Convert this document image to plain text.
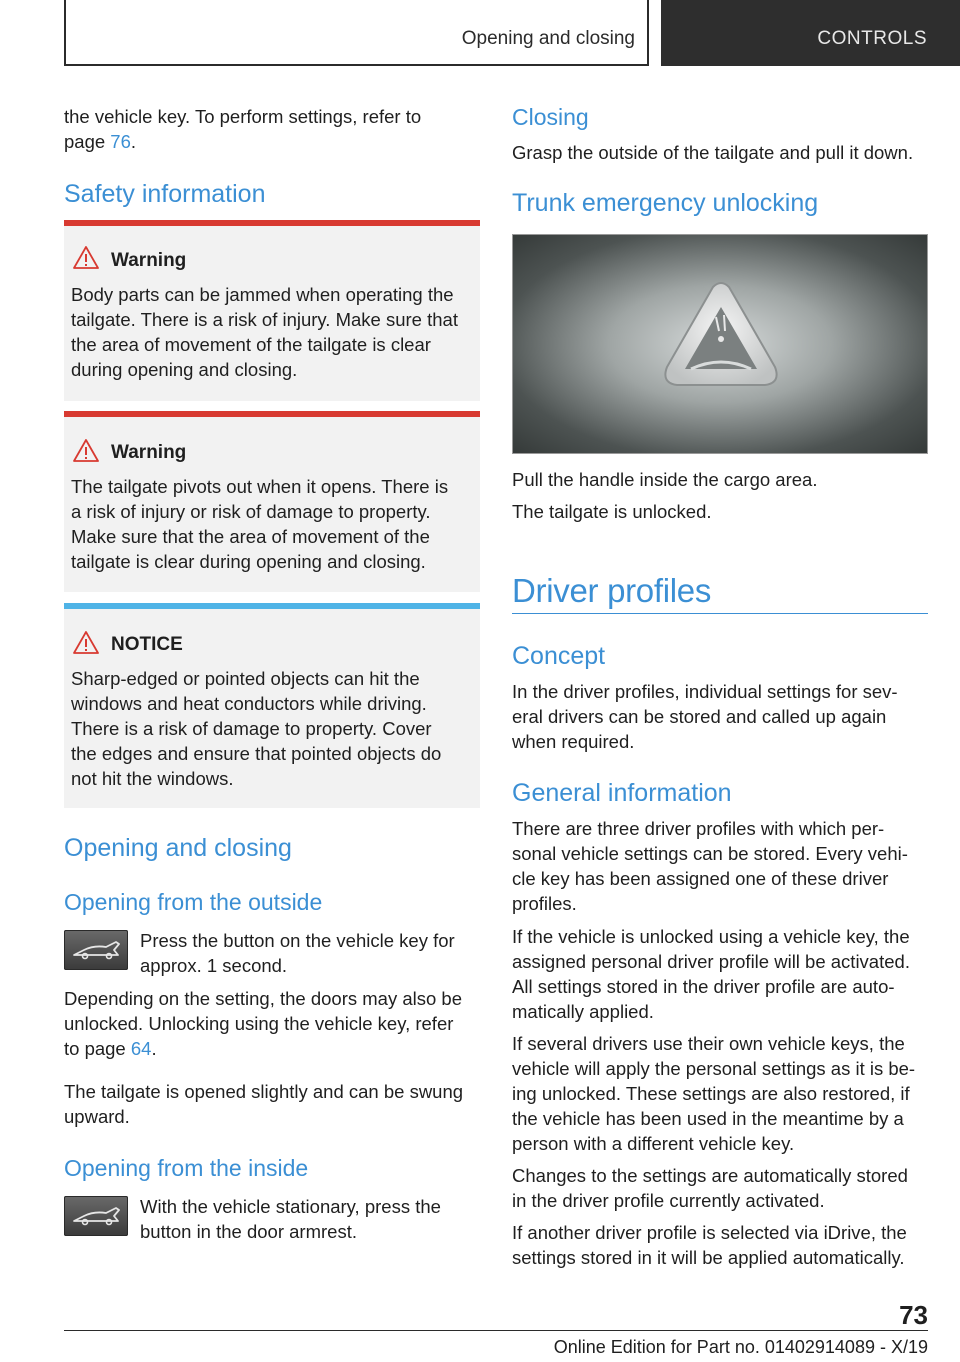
Opening and closing	CONTROLS
the vehicle key. To perform settings, refer to
page 76.
Safety information
Warning
Body parts can be jammed when operating the
tailgate. There is a risk of injury. Make sure that
the area of movement of the tailgate is clear
during opening and closing.
Warning
The tailgate pivots out when it opens. There is
a risk of injury or risk of damage to property.
Make sure that the area of movement of the
tailgate is clear during opening and closing.
NOTICE
Sharp-edged or pointed objects can hit the
windows and heat conductors while driving.
There is a risk of damage to property. Cover
the edges and ensure that pointed objects do
not hit the windows.
Opening and closing
Opening from the outside
Press the button on the vehicle key for
approx. 1 second.
Depending on the setting, the doors may also be
unlocked. Unlocking using the vehicle key, refer
to page 64.
The tailgate is opened slightly and can be swung
upward.
Opening from the inside
With the vehicle stationary, press the
button in the door armrest.
Closing
Grasp the outside of the tailgate and pull it down.
Trunk emergency unlocking
Pull the handle inside the cargo area.
The tailgate is unlocked.
Driver profiles
Concept
In the driver profiles, individual settings for sev-
eral drivers can be stored and called up again
when required.
General information
There are three driver profiles with which per-
sonal vehicle settings can be stored. Every vehi-
cle key has been assigned one of these driver
profiles.
If the vehicle is unlocked using a vehicle key, the
assigned personal driver profile will be activated.
All settings stored in the driver profile are auto-
matically applied.
If several drivers use their own vehicle keys, the
vehicle will apply the personal settings as it is be-
ing unlocked. These settings are also restored, if
the vehicle has been used in the meantime by a
person with a different vehicle key.
Changes to the settings are automatically stored
in the driver profile currently activated.
If another driver profile is selected via iDrive, the
settings stored in it will be applied automatically.
73
Online Edition for Part no. 01402914089 - X/19
